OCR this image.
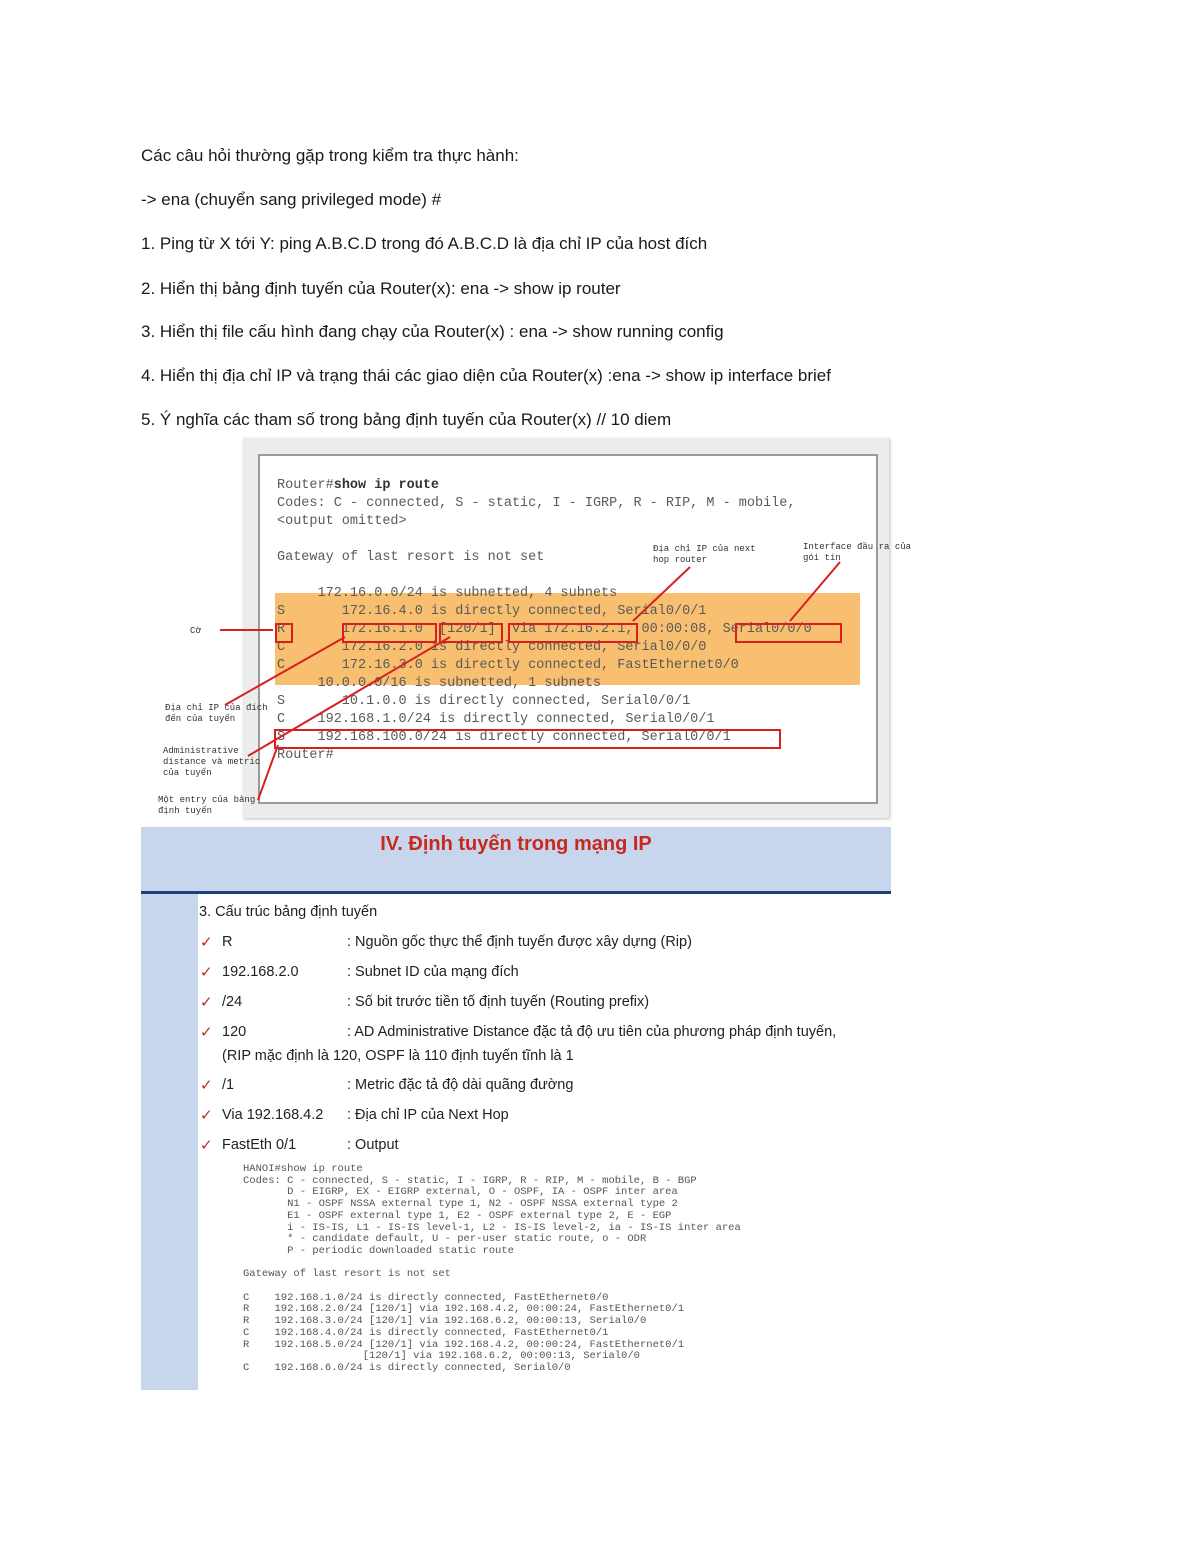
Các câu hỏi thường gặp trong kiểm tra thực hành:
-> ena (chuyển sang privileged mode) #
1. Ping từ X tới Y: ping A.B.C.D trong đó A.B.C.D là địa chỉ IP của host đích
2. Hiển thị bảng định tuyến của Router(x): ena -> show ip router
3. Hiển thị file cấu hình đang chạy của Router(x) : ena -> show running config
4. Hiển thị địa chỉ IP và trạng thái các giao diện của Router(x) :ena -> show ip interface brief
5. Ý nghĩa các tham số trong bảng định tuyến của Router(x) // 10 diem
Router#show ip route
Codes: C - connected, S - static, I - IGRP, R - RIP, M - mobile,
<output omitted>
Gateway of last resort is not set
172.16.0.0/24 is subnetted, 4 subnets
S       172.16.4.0 is directly connected, Serial0/0/1
R       172.16.1.0  [120/1]  via 172.16.2.1, 00:00:08, Serial0/0/0
C       172.16.2.0 is directly connected, Serial0/0/0
C       172.16.3.0 is directly connected, FastEthernet0/0
10.0.0.0/16 is subnetted, 1 subnets
S       10.1.0.0 is directly connected, Serial0/0/1
C    192.168.1.0/24 is directly connected, Serial0/0/1
S    192.168.100.0/24 is directly connected, Serial0/0/1
Router#
Địa chỉ IP của next
hop router
Interface đầu ra của
gói tin
Cờ
Địa chỉ IP của đích
đến của tuyến
Administrative
distance và metric
của tuyến
Một entry của bảng
định tuyến
IV. Định tuyến trong mạng IP
3. Cấu trúc bảng định tuyến
✓ R	: Nguồn gốc thực thể định tuyến được xây dựng (Rip)
✓ 192.168.2.0	: Subnet ID của mạng đích
✓ /24	: Số bit trước tiền tố định tuyến (Routing prefix)
✓ 120	: AD Administrative Distance đặc tả độ ưu tiên của phương pháp định tuyến,
(RIP mặc định là 120, OSPF là 110 định tuyến tĩnh là 1
✓ /1	: Metric đặc tả độ dài quãng đường
✓ Via 192.168.4.2 : Địa chỉ IP của Next Hop
✓ FastEth 0/1	: Output
HANOI#show ip route
Codes: C - connected, S - static, I - IGRP, R - RIP, M - mobile, B - BGP
D - EIGRP, EX - EIGRP external, O - OSPF, IA - OSPF inter area
N1 - OSPF NSSA external type 1, N2 - OSPF NSSA external type 2
E1 - OSPF external type 1, E2 - OSPF external type 2, E - EGP
i - IS-IS, L1 - IS-IS level-1, L2 - IS-IS level-2, ia - IS-IS inter area
* - candidate default, U - per-user static route, o - ODR
P - periodic downloaded static route

Gateway of last resort is not set

C    192.168.1.0/24 is directly connected, FastEthernet0/0
R    192.168.2.0/24 [120/1] via 192.168.4.2, 00:00:24, FastEthernet0/1
R    192.168.3.0/24 [120/1] via 192.168.6.2, 00:00:13, Serial0/0
C    192.168.4.0/24 is directly connected, FastEthernet0/1
R    192.168.5.0/24 [120/1] via 192.168.4.2, 00:00:24, FastEthernet0/1
[120/1] via 192.168.6.2, 00:00:13, Serial0/0
C    192.168.6.0/24 is directly connected, Serial0/0
